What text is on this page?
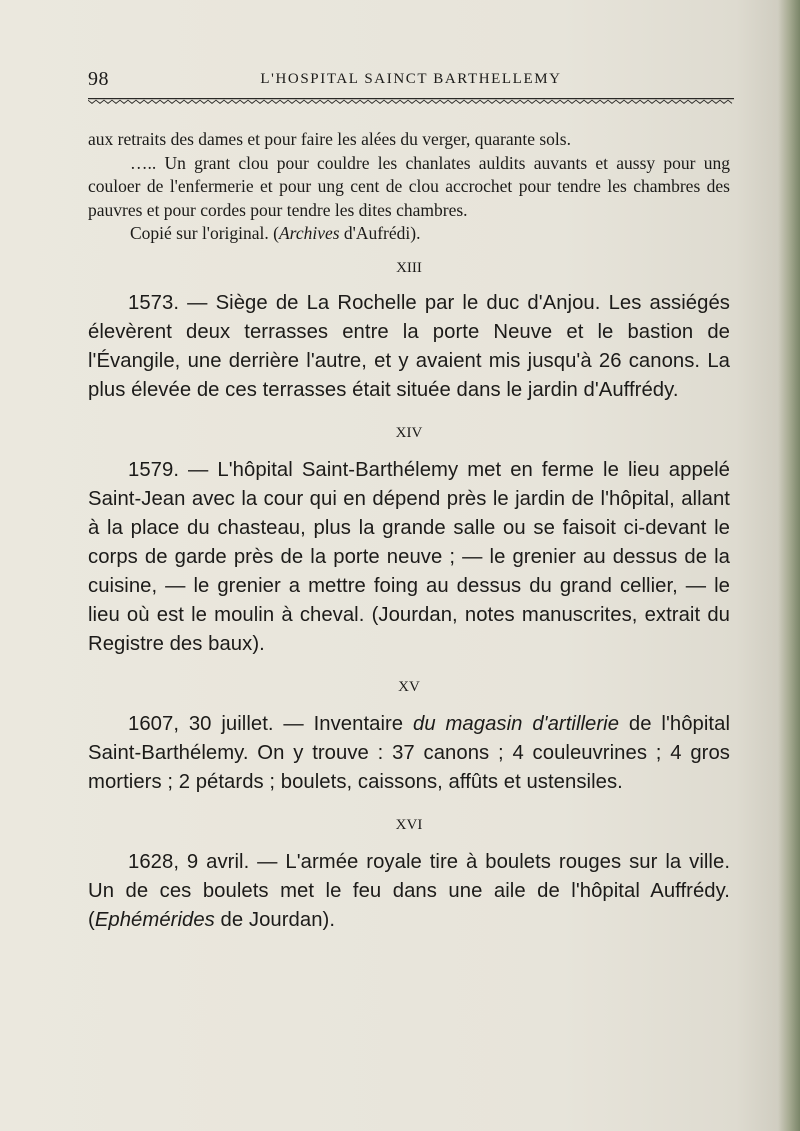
98	L'HOSPITAL SAINCT BARTHELLEMY

aux retraits des dames et pour faire les alées du verger, quarante sols.

….. Un grant clou pour couldre les chanlates auldits auvants et aussy pour ung couloer de l'enfermerie et pour ung cent de clou accrochet pour tendre les chambres des pauvres et pour cordes pour tendre les dites chambres.

Copié sur l'original. (Archives d'Aufrédi).

XIII

1573. — Siège de La Rochelle par le duc d'Anjou. Les assiégés élevèrent deux terrasses entre la porte Neuve et le bastion de l'Évangile, une derrière l'autre, et y avaient mis jusqu'à 26 canons. La plus élevée de ces terrasses était située dans le jardin d'Auffrédy.

XIV

1579. — L'hôpital Saint-Barthélemy met en ferme le lieu appelé Saint-Jean avec la cour qui en dépend près le jardin de l'hôpital, allant à la place du chasteau, plus la grande salle ou se faisoit ci-devant le corps de garde près de la porte neuve ; — le grenier au dessus de la cuisine, — le grenier a mettre foing au dessus du grand cellier, — le lieu où est le moulin à cheval. (Jourdan, notes manuscrites, extrait du Registre des baux).

XV

1607, 30 juillet. — Inventaire du magasin d'artillerie de l'hôpital Saint-Barthélemy. On y trouve : 37 canons ; 4 couleuvrines ; 4 gros mortiers ; 2 pétards ; boulets, caissons, affûts et ustensiles.

XVI

1628, 9 avril. — L'armée royale tire à boulets rouges sur la ville. Un de ces boulets met le feu dans une aile de l'hôpital Auffrédy. (Ephémérides de Jourdan).
